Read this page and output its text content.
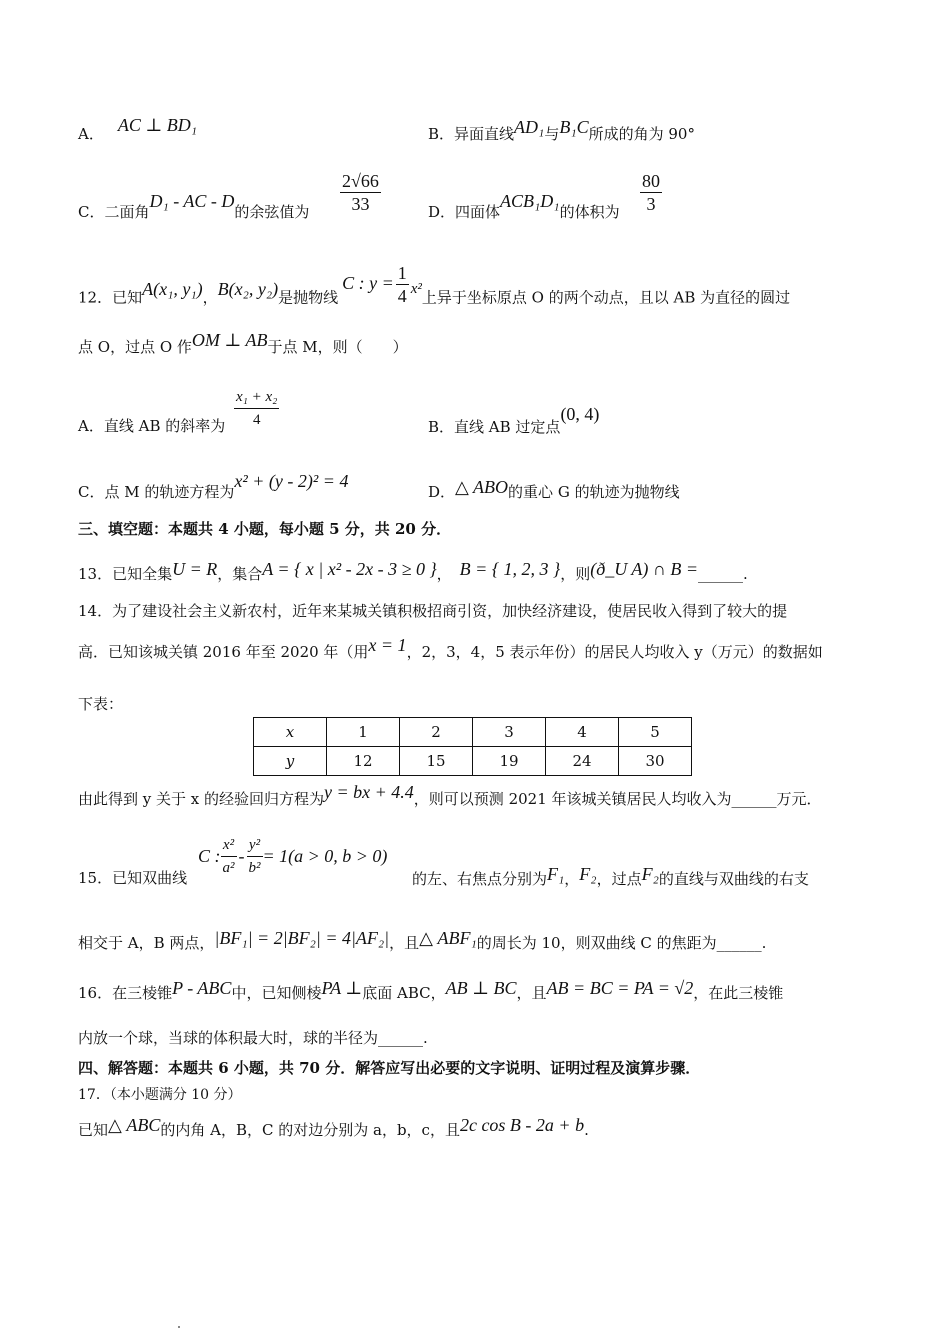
A． AC ⊥ BD₁	B．异面直线AD₁与B₁C所成的角为 90°
C．二面角D₁ - AC - D的余弦值为 $\frac{2√66}{33}$	D．四面体ACB₁D₁的体积为 $\frac{80}{3}$
12．已知A(x₁, y₁)，B(x₂, y₂)是抛物线C : $y = \frac{1}{4} x^2$上异于坐标原点 O 的两个动点，且以 AB 为直径的圆过
点 O，过点 O 作OM ⊥ AB于点 M，则（　　）
A．直线 AB 的斜率为 $\frac{\text{x₁ + x₂}}{4}$	B．直线 AB 过定点(0, 4)
C．点 M 的轨迹方程为x² + (y - 2)² = 4
D．△ ABO的重心 G 的轨迹为抛物线
三、填空题：本题共 4 小题，每小题 5 分，共 20 分．
13．已知全集U = R，集合A = { x | x² - 2x - 3 ≥ 0 }， B = { 1, 2, 3 }，则(ð_U A) ∩ B =______.
14．为了建设社会主义新农村，近年来某城关镇积极招商引资，加快经济建设，使居民收入得到了较大的提
高．已知该城关镇 2016 年至 2020 年（用x = 1，2，3，4，5 表示年份）的居民人均收入 y（万元）的数据如
下表：
x	1	2	3	4	5
y	12	15	19	24	30
由此得到 y 关于 x 的经验回归方程为y = bx + 4.4，则可以预测 2021 年该城关镇居民人均收入为______万元．
15．已知双曲线
C : $\frac{\text{x²}}{\text{a²}} - \frac{\text{y²}}{\text{b²}} = 1(a > 0$, b > 0)
的左、右焦点分别为F₁，F₂，过点F₂的直线与双曲线的右支
相交于 A，B 两点，|BF₁| = 2|BF₂| = 4|AF₂|，且△ ABF₁的周长为 10，则双曲线 C 的焦距为______.
16．在三棱锥P - ABC中，已知侧棱PA ⊥底面 ABC，AB ⊥ BC，且AB = BC = PA = √2，在此三棱锥
内放一个球，当球的体积最大时，球的半径为______.
四、解答题：本题共 6 小题，共 70 分．解答应写出必要的文字说明、证明过程及演算步骤．
17．（本小题满分 10 分）
已知△ ABC的内角 A，B，C 的对边分别为 a，b，c，且2c cos B - 2a + b.
